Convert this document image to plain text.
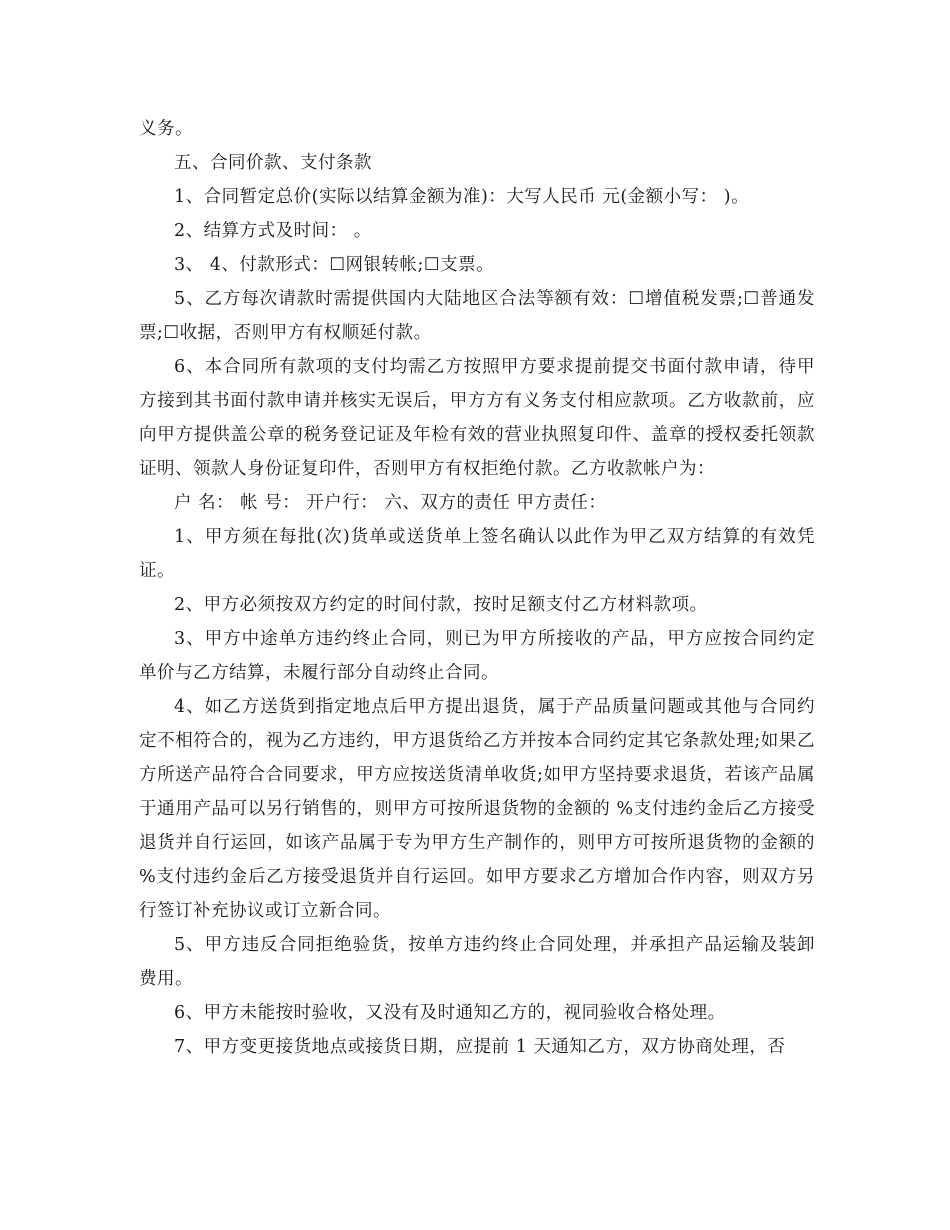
义务。

五、合同价款、支付条款

1、合同暂定总价(实际以结算金额为准)：大写人民币 元(金额小写： )。

2、结算方式及时间： 。

3、 4、付款形式：☐网银转帐;☐支票。

5、乙方每次请款时需提供国内大陆地区合法等额有效：☐增值税发票;☐普通发票;☐收据，否则甲方有权顺延付款。

6、本合同所有款项的支付均需乙方按照甲方要求提前提交书面付款申请，待甲方接到其书面付款申请并核实无误后，甲方方有义务支付相应款项。乙方收款前，应向甲方提供盖公章的税务登记证及年检有效的营业执照复印件、盖章的授权委托领款证明、领款人身份证复印件，否则甲方有权拒绝付款。乙方收款帐户为：

户 名： 帐 号： 开户行： 六、双方的责任 甲方责任：

1、甲方须在每批(次)货单或送货单上签名确认以此作为甲乙双方结算的有效凭证。

2、甲方必须按双方约定的时间付款，按时足额支付乙方材料款项。

3、甲方中途单方违约终止合同，则已为甲方所接收的产品，甲方应按合同约定单价与乙方结算，未履行部分自动终止合同。

4、如乙方送货到指定地点后甲方提出退货，属于产品质量问题或其他与合同约定不相符合的，视为乙方违约，甲方退货给乙方并按本合同约定其它条款处理;如果乙方所送产品符合合同要求，甲方应按送货清单收货;如甲方坚持要求退货，若该产品属于通用产品可以另行销售的，则甲方可按所退货物的金额的 %支付违约金后乙方接受退货并自行运回，如该产品属于专为甲方生产制作的，则甲方可按所退货物的金额的 %支付违约金后乙方接受退货并自行运回。如甲方要求乙方增加合作内容，则双方另行签订补充协议或订立新合同。

5、甲方违反合同拒绝验货，按单方违约终止合同处理，并承担产品运输及装卸费用。

6、甲方未能按时验收，又没有及时通知乙方的，视同验收合格处理。

7、甲方变更接货地点或接货日期，应提前 1 天通知乙方，双方协商处理，否
